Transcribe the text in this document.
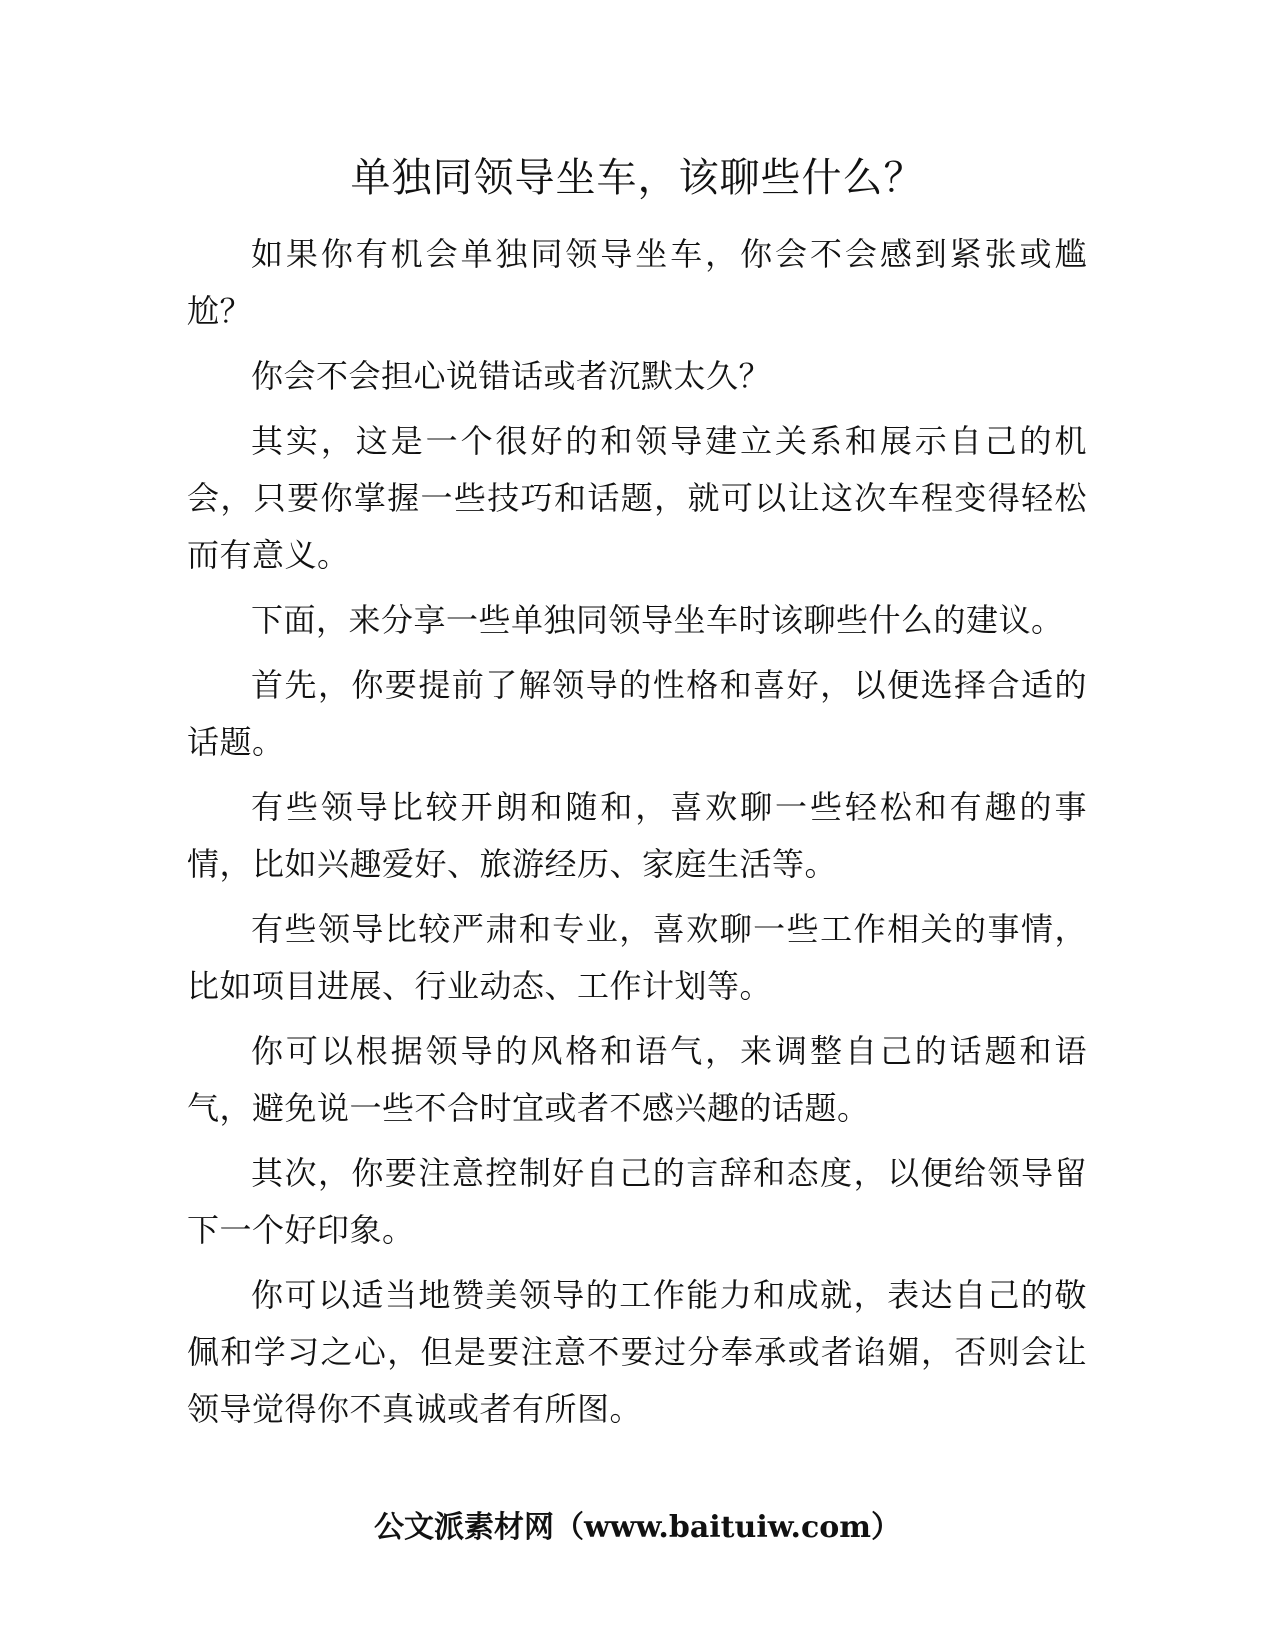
单独同领导坐车，该聊些什么？

如果你有机会单独同领导坐车，你会不会感到紧张或尴尬？

你会不会担心说错话或者沉默太久？

其实，这是一个很好的和领导建立关系和展示自己的机会，只要你掌握一些技巧和话题，就可以让这次车程变得轻松而有意义。

下面，来分享一些单独同领导坐车时该聊些什么的建议。

首先，你要提前了解领导的性格和喜好，以便选择合适的话题。

有些领导比较开朗和随和，喜欢聊一些轻松和有趣的事情，比如兴趣爱好、旅游经历、家庭生活等。

有些领导比较严肃和专业，喜欢聊一些工作相关的事情，比如项目进展、行业动态、工作计划等。

你可以根据领导的风格和语气，来调整自己的话题和语气，避免说一些不合时宜或者不感兴趣的话题。

其次，你要注意控制好自己的言辞和态度，以便给领导留下一个好印象。

你可以适当地赞美领导的工作能力和成就，表达自己的敬佩和学习之心，但是要注意不要过分奉承或者谄媚，否则会让领导觉得你不真诚或者有所图。

公文派素材网（www.baituiw.com）
